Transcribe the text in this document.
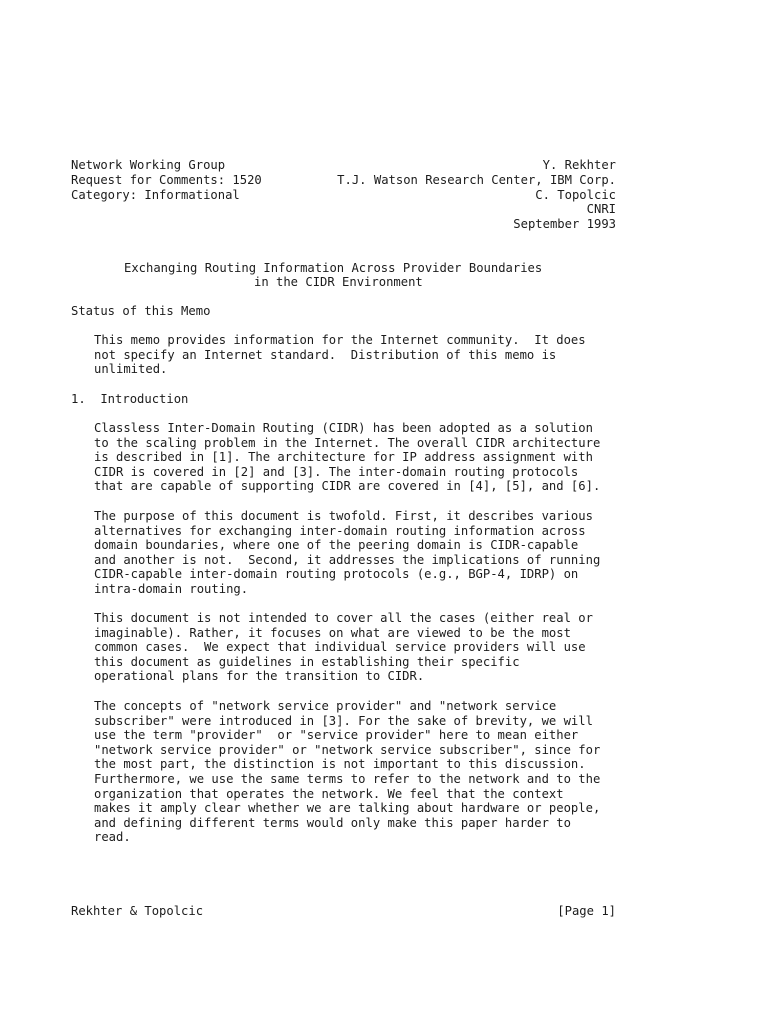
Network Working Group
Request for Comments: 1520
Category: Informational
Y. Rekhter
T.J. Watson Research Center, IBM Corp.
C. Topolcic
CNRI
September 1993
Exchanging Routing Information Across Provider Boundaries
in the CIDR Environment
Status of this Memo
This memo provides information for the Internet community.  It does
not specify an Internet standard.  Distribution of this memo is
unlimited.
1.  Introduction
Classless Inter-Domain Routing (CIDR) has been adopted as a solution
to the scaling problem in the Internet. The overall CIDR architecture
is described in [1]. The architecture for IP address assignment with
CIDR is covered in [2] and [3]. The inter-domain routing protocols
that are capable of supporting CIDR are covered in [4], [5], and [6].
The purpose of this document is twofold. First, it describes various
alternatives for exchanging inter-domain routing information across
domain boundaries, where one of the peering domain is CIDR-capable
and another is not.  Second, it addresses the implications of running
CIDR-capable inter-domain routing protocols (e.g., BGP-4, IDRP) on
intra-domain routing.
This document is not intended to cover all the cases (either real or
imaginable). Rather, it focuses on what are viewed to be the most
common cases.  We expect that individual service providers will use
this document as guidelines in establishing their specific
operational plans for the transition to CIDR.
The concepts of "network service provider" and "network service
subscriber" were introduced in [3]. For the sake of brevity, we will
use the term "provider"  or "service provider" here to mean either
"network service provider" or "network service subscriber", since for
the most part, the distinction is not important to this discussion.
Furthermore, we use the same terms to refer to the network and to the
organization that operates the network. We feel that the context
makes it amply clear whether we are talking about hardware or people,
and defining different terms would only make this paper harder to
read.
Rekhter & Topolcic	[Page 1]
